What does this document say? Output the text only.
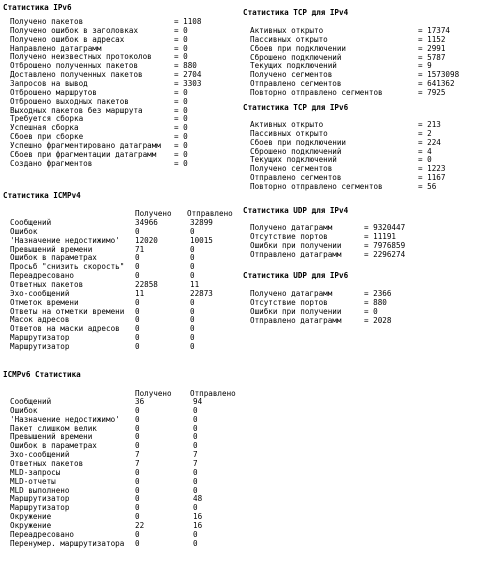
Статистика IPv6
Статистика ICMPv4
ICMPv6 Статистика
Статистика TCP для IPv4
Статистика TCP для IPv6
Статистика UDP для IPv4
Статистика UDP для IPv6
Получено Отправлено
Получено Отправлено
Получено пакетов	= 1108
Получено ошибок в заголовках	= 0
Получено ошибок в адресах	= 0
Направлено датаграмм	= 0
Получено неизвестных протоколов	= 0
Отброшено полученных пакетов	= 880
Доставлено полученных пакетов	= 2704
Запросов на вывод	= 3303
Отброшено маршрутов	= 0
Отброшено выходных пакетов	= 0
Выходных пакетов без маршрута	= 0
Требуется сборка	= 0
Успешная сборка	= 0
Сбоев при сборке	= 0
Успешно фрагментировано датаграмм = 0
Сбоев при фрагментации датаграмм = 0
Создано фрагментов	= 0
Сообщений	34966	32899
Ошибок	0	0
'Назначение недостижимо' 12020	10015
Превышений времени	71	0
Ошибок в параметрах	0	0
Просьб "снизить скорость" 0	0
Переадресовано	0	0
Ответных пакетов	22858	11
Эхо-сообщений	11	22873
Отметок времени	0	0
Ответы на отметки времени 0	0
Масок адресов	0	0
Ответов на маски адресов 0	0
Маршрутизатор	0	0
Маршрутизатор	0	0
Сообщений	36	94
Ошибок	0	0
'Назначение недостижимо' 0	0
Пакет слишком велик	0	0
Превышений времени	0	0
Ошибок в параметрах	0	0
Эхо-сообщений	7	7
Ответных пакетов	7	7
MLD-запросы	0	0
MLD-отчеты	0	0
MLD выполнено	0	0
Маршрутизатор	0	48
Маршрутизатор	0	0
Окружение	0	16
Окружение	22	16
Переадресовано	0	0
Перенумер. маршрутизатора 0	0
Активных открыто	= 17374
Пассивных открыто	= 1152
Сбоев при подключении	= 2991
Сброшено подключений	= 5787
Текущих подключений	= 9
Получено сегментов	= 1573098
Отправлено сегментов	= 641362
Повторно отправлено сегментов	= 7925
Активных открыто	= 213
Пассивных открыто	= 2
Сбоев при подключении	= 224
Сброшено подключений	= 4
Текущих подключений	= 0
Получено сегментов	= 1223
Отправлено сегментов	= 1167
Повторно отправлено сегментов	= 56
Получено датаграмм	= 9320447
Отсутствие портов	= 11191
Ошибки при получении	= 7976859
Отправлено датаграмм	= 2296274
Получено датаграмм	= 2366
Отсутствие портов	= 880
Ошибки при получении	= 0
Отправлено датаграмм	= 2028
